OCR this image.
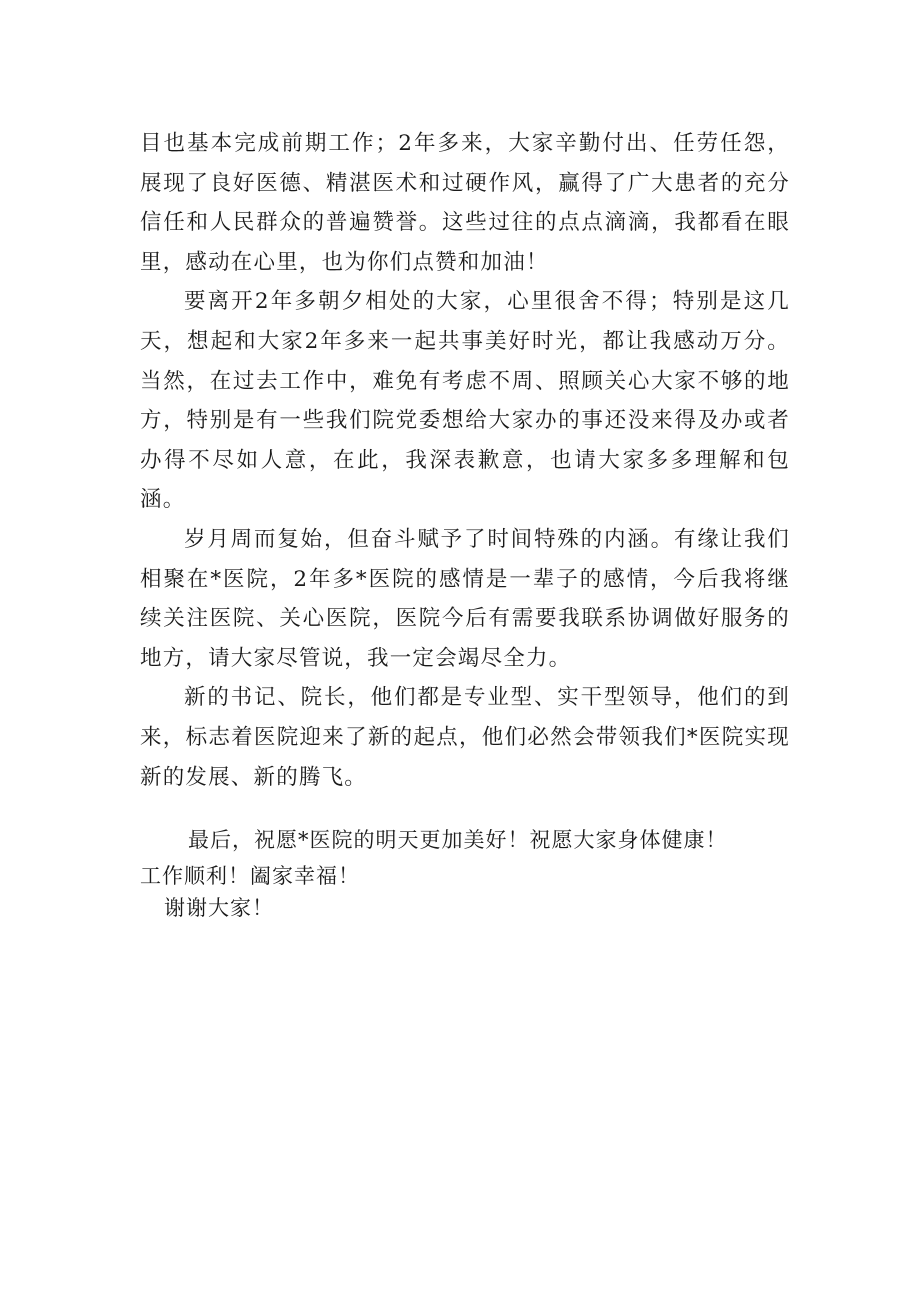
目也基本完成前期工作；2年多来，大家辛勤付出、任劳任怨，展现了良好医德、精湛医术和过硬作风，赢得了广大患者的充分信任和人民群众的普遍赞誉。这些过往的点点滴滴，我都看在眼里，感动在心里，也为你们点赞和加油！

要离开2年多朝夕相处的大家，心里很舍不得；特别是这几天，想起和大家2年多来一起共事美好时光，都让我感动万分。当然，在过去工作中，难免有考虑不周、照顾关心大家不够的地方，特别是有一些我们院党委想给大家办的事还没来得及办或者办得不尽如人意，在此，我深表歉意，也请大家多多理解和包涵。

岁月周而复始，但奋斗赋予了时间特殊的内涵。有缘让我们相聚在*医院，2年多*医院的感情是一辈子的感情，今后我将继续关注医院、关心医院，医院今后有需要我联系协调做好服务的地方，请大家尽管说，我一定会竭尽全力。

新的书记、院长，他们都是专业型、实干型领导，他们的到来，标志着医院迎来了新的起点，他们必然会带领我们*医院实现新的发展、新的腾飞。

最后，祝愿*医院的明天更加美好！祝愿大家身体健康！

工作顺利！阖家幸福！

谢谢大家！
